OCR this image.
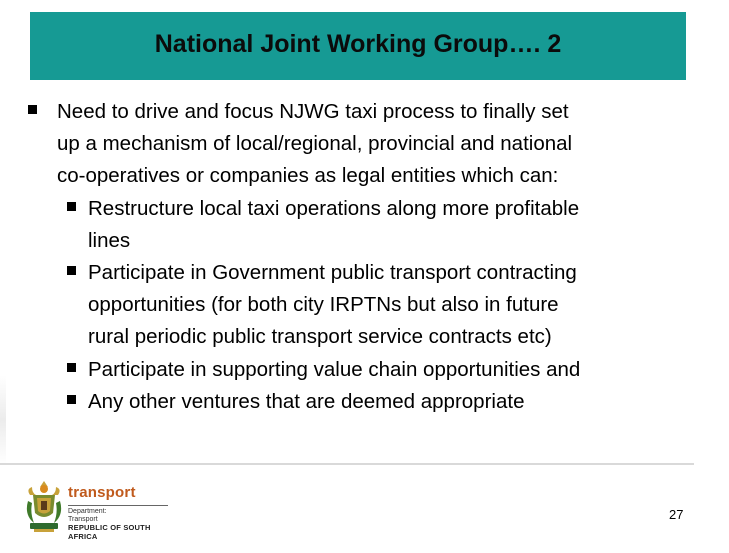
National Joint Working Group…. 2
Need to drive and focus NJWG taxi process to finally set
up a mechanism of local/regional, provincial and national
co-operatives or companies as legal entities which can:
Restructure local taxi operations along more profitable
lines
Participate in Government public transport contracting
opportunities (for both city IRPTNs but also in future
rural periodic public transport service contracts etc)
Participate in supporting value chain opportunities and
Any other ventures that are deemed appropriate
transport
Department:
Transport
REPUBLIC OF SOUTH AFRICA
27
